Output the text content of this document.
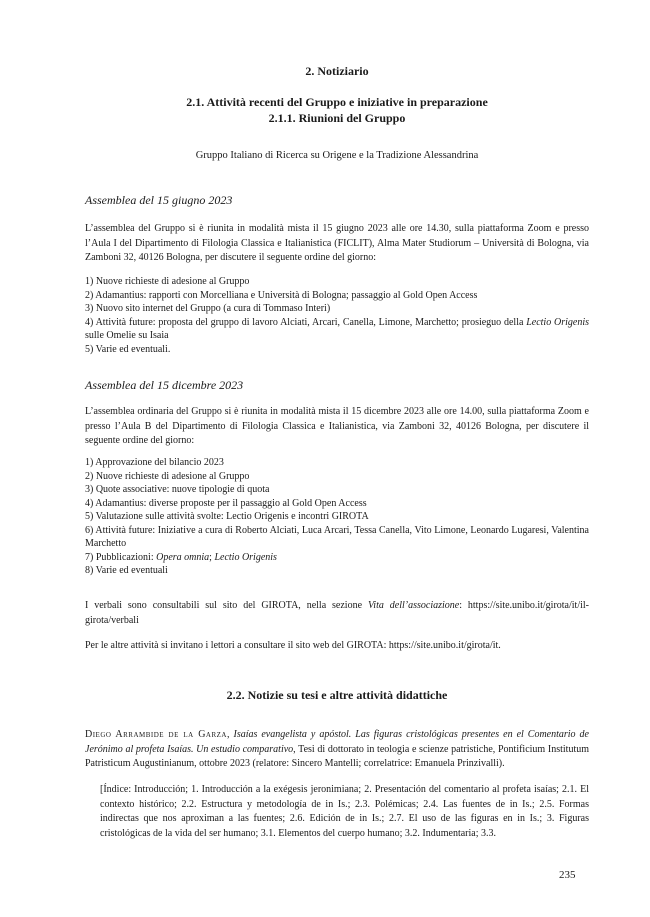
2. Notiziario
2.1. Attività recenti del Gruppo e iniziative in preparazione
2.1.1. Riunioni del Gruppo
Gruppo Italiano di Ricerca su Origene e la Tradizione Alessandrina
Assemblea del 15 giugno 2023
L’assemblea del Gruppo si è riunita in modalità mista il 15 giugno 2023 alle ore 14.30, sulla piattaforma Zoom e presso l’Aula I del Dipartimento di Filologia Classica e Italianistica (FICLIT), Alma Mater Studiorum – Università di Bologna, via Zamboni 32, 40126 Bologna, per discutere il seguente ordine del giorno:
1) Nuove richieste di adesione al Gruppo
2) Adamantius: rapporti con Morcelliana e Università di Bologna; passaggio al Gold Open Access
3) Nuovo sito internet del Gruppo (a cura di Tommaso Interi)
4) Attività future: proposta del gruppo di lavoro Alciati, Arcari, Canella, Limone, Marchetto; prosieguo della Lectio Origenis sulle Omelie su Isaia
5) Varie ed eventuali.
Assemblea del 15 dicembre 2023
L’assemblea ordinaria del Gruppo si è riunita in modalità mista il 15 dicembre 2023 alle ore 14.00, sulla piattaforma Zoom e presso l’Aula B del Dipartimento di Filologia Classica e Italianistica, via Zamboni 32, 40126 Bologna, per discutere il seguente ordine del giorno:
1) Approvazione del bilancio 2023
2) Nuove richieste di adesione al Gruppo
3) Quote associative: nuove tipologie di quota
4) Adamantius: diverse proposte per il passaggio al Gold Open Access
5) Valutazione sulle attività svolte: Lectio Origenis e incontri GIROTA
6) Attività future: Iniziative a cura di Roberto Alciati, Luca Arcari, Tessa Canella, Vito Limone, Leonardo Lugaresi, Valentina Marchetto
7) Pubblicazioni: Opera omnia; Lectio Origenis
8) Varie ed eventuali
I verbali sono consultabili sul sito del GIROTA, nella sezione Vita dell’associazione: https://site.unibo.it/girota/it/il-girota/verbali
Per le altre attività si invitano i lettori a consultare il sito web del GIROTA: https://site.unibo.it/girota/it.
2.2. Notizie su tesi e altre attività didattiche
Diego Arrambide de la Garza, Isaías evangelista y apóstol. Las figuras cristológicas presentes en el Comentario de Jerónimo al profeta Isaías. Un estudio comparativo, Tesi di dottorato in teologia e scienze patristiche, Pontificium Institutum Patristicum Augustinianum, ottobre 2023 (relatore: Sincero Mantelli; correlatrice: Emanuela Prinzivalli).
[Índice: Introducción; 1. Introducción a la exégesis jeronimiana; 2. Presentación del comentario al profeta isaías; 2.1. El contexto histórico; 2.2. Estructura y metodología de in Is.; 2.3. Polémicas; 2.4. Las fuentes de in Is.; 2.5. Formas indirectas que nos aproximan a las fuentes; 2.6. Edición de in Is.; 2.7. El uso de las figuras en in Is.; 3. Figuras cristológicas de la vida del ser humano; 3.1. Elementos del cuerpo humano; 3.2. Indumentaria; 3.3.
235
